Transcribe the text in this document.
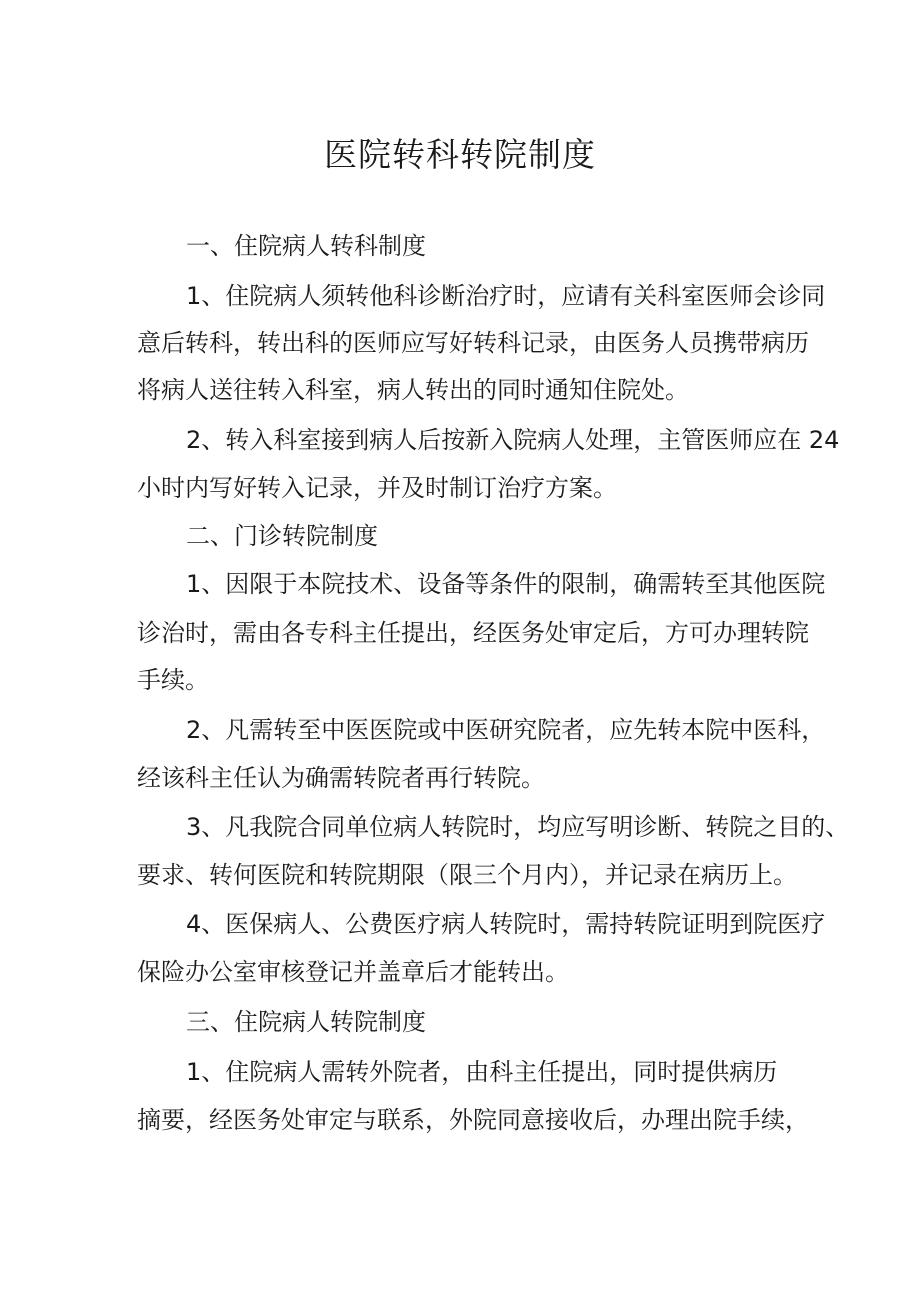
医院转科转院制度
一、住院病人转科制度
1、住院病人须转他科诊断治疗时，应请有关科室医师会诊同
意后转科，转出科的医师应写好转科记录，由医务人员携带病历
将病人送往转入科室，病人转出的同时通知住院处。
2、转入科室接到病人后按新入院病人处理，主管医师应在 24
小时内写好转入记录，并及时制订治疗方案。
二、门诊转院制度
1、因限于本院技术、设备等条件的限制，确需转至其他医院
诊治时，需由各专科主任提出，经医务处审定后，方可办理转院
手续。
2、凡需转至中医医院或中医研究院者，应先转本院中医科，
经该科主任认为确需转院者再行转院。
3、凡我院合同单位病人转院时，均应写明诊断、转院之目的、
要求、转何医院和转院期限（限三个月内），并记录在病历上。
4、医保病人、公费医疗病人转院时，需持转院证明到院医疗
保险办公室审核登记并盖章后才能转出。
三、住院病人转院制度
1、住院病人需转外院者，由科主任提出，同时提供病历
摘要，经医务处审定与联系，外院同意接收后，办理出院手续，
